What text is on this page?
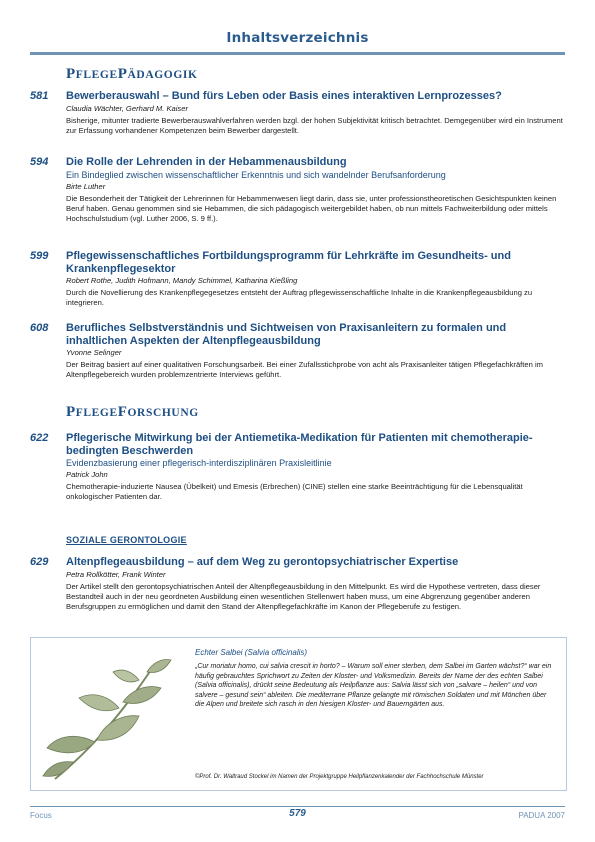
Inhaltsverzeichnis
PFLEGEPÄDAGOGIK
581	Bewerberauswahl – Bund fürs Leben oder Basis eines interaktiven Lernprozesses?
Claudia Wächter, Gerhard M. Kaiser
Bisherige, mitunter tradierte Bewerberauswahlverfahren werden bzgl. der hohen Subjektivität kritisch betrachtet. Demgegenüber wird ein Instrument zur Erfassung vorhandener Kompetenzen beim Bewerber dargestellt.
594	Die Rolle der Lehrenden in der Hebammenausbildung
Ein Bindeglied zwischen wissenschaftlicher Erkenntnis und sich wandelnder Berufsanforderung
Birte Luther
Die Besonderheit der Tätigkeit der Lehrerinnen für Hebammenwesen liegt darin, dass sie, unter professionstheoretischen Gesichtspunkten keinen Beruf haben. Genau genommen sind sie Hebammen, die sich pädagogisch weitergebildet haben, ob nun mittels Fachweiterbildung oder mittels Hochschulstudium (vgl. Luther 2006, S. 9 ff.).
599	Pflegewissenschaftliches Fortbildungsprogramm für Lehrkräfte im Gesundheits- und Krankenpflegesektor
Robert Rothe, Judith Hofmann, Mandy Schimmel, Katharina Kießling
Durch die Novellierung des Krankenpflegegesetzes entsteht der Auftrag pflegewissenschaftliche Inhalte in die Krankenpflegeausbildung zu integrieren.
608	Berufliches Selbstverständnis und Sichtweisen von Praxisanleitern zu formalen und inhaltlichen Aspekten der Altenpflegeausbildung
Yvonne Selinger
Der Beitrag basiert auf einer qualitativen Forschungsarbeit. Bei einer Zufallsstichprobe von acht als Praxisanleiter tätigen Pflegefachkräften im Altenpflegebereich wurden problemzentrierte Interviews geführt.
PFLEGEFORSCHUNG
622	Pflegerische Mitwirkung bei der Antiemetika-Medikation für Patienten mit chemotherapie-bedingten Beschwerden
Evidenzbasierung einer pflegerisch-interdisziplinären Praxisleitlinie
Patrick John
Chemotherapie-induzierte Nausea (Übelkeit) und Emesis (Erbrechen) (CINE) stellen eine starke Beeinträchtigung für die Lebensqualität onkologischer Patienten dar.
SOZIALE GERONTOLOGIE
629	Altenpflegeausbildung – auf dem Weg zu gerontopsychiatrischer Expertise
Petra Rollkötter, Frank Winter
Der Artikel stellt den gerontopsychiatrischen Anteil der Altenpflegeausbildung in den Mittelpunkt. Es wird die Hypothese vertreten, dass dieser Bestandteil auch in der neu geordneten Ausbildung einen wesentlichen Stellenwert haben muss, um eine Abgrenzung gegenüber anderen Berufsgruppen zu ermöglichen und damit den Stand der Altenpflegefachkräfte im Kanon der Pflegeberufe zu festigen.
Echter Salbei (Salvia officinalis)
„Cur moriatur homo, cui salvia crescit in horto? – Warum soll einer sterben, dem Salbei im Garten wächst?“ war ein häufig gebrauchtes Sprichwort zu Zeiten der Kloster- und Volksmedizin. Bereits der Name der des echten Salbei (Salvia officinalis), drückt seine Bedeutung als Heilpflanze aus: Salvia lässt sich von „salvare – heilen“ und von salvere – gesund sein“ ableiten. Die mediterrane Pflanze gelangte mit römischen Soldaten und mit Mönchen über die Alpen und breitete sich rasch in den hiesigen Kloster- und Bauerngärten aus.
©Prof. Dr. Waltraud Stockel im Namen der Projektgruppe Heilpflanzenkalender der Fachhochschule Münster
Focus	579	PADUA 2007
